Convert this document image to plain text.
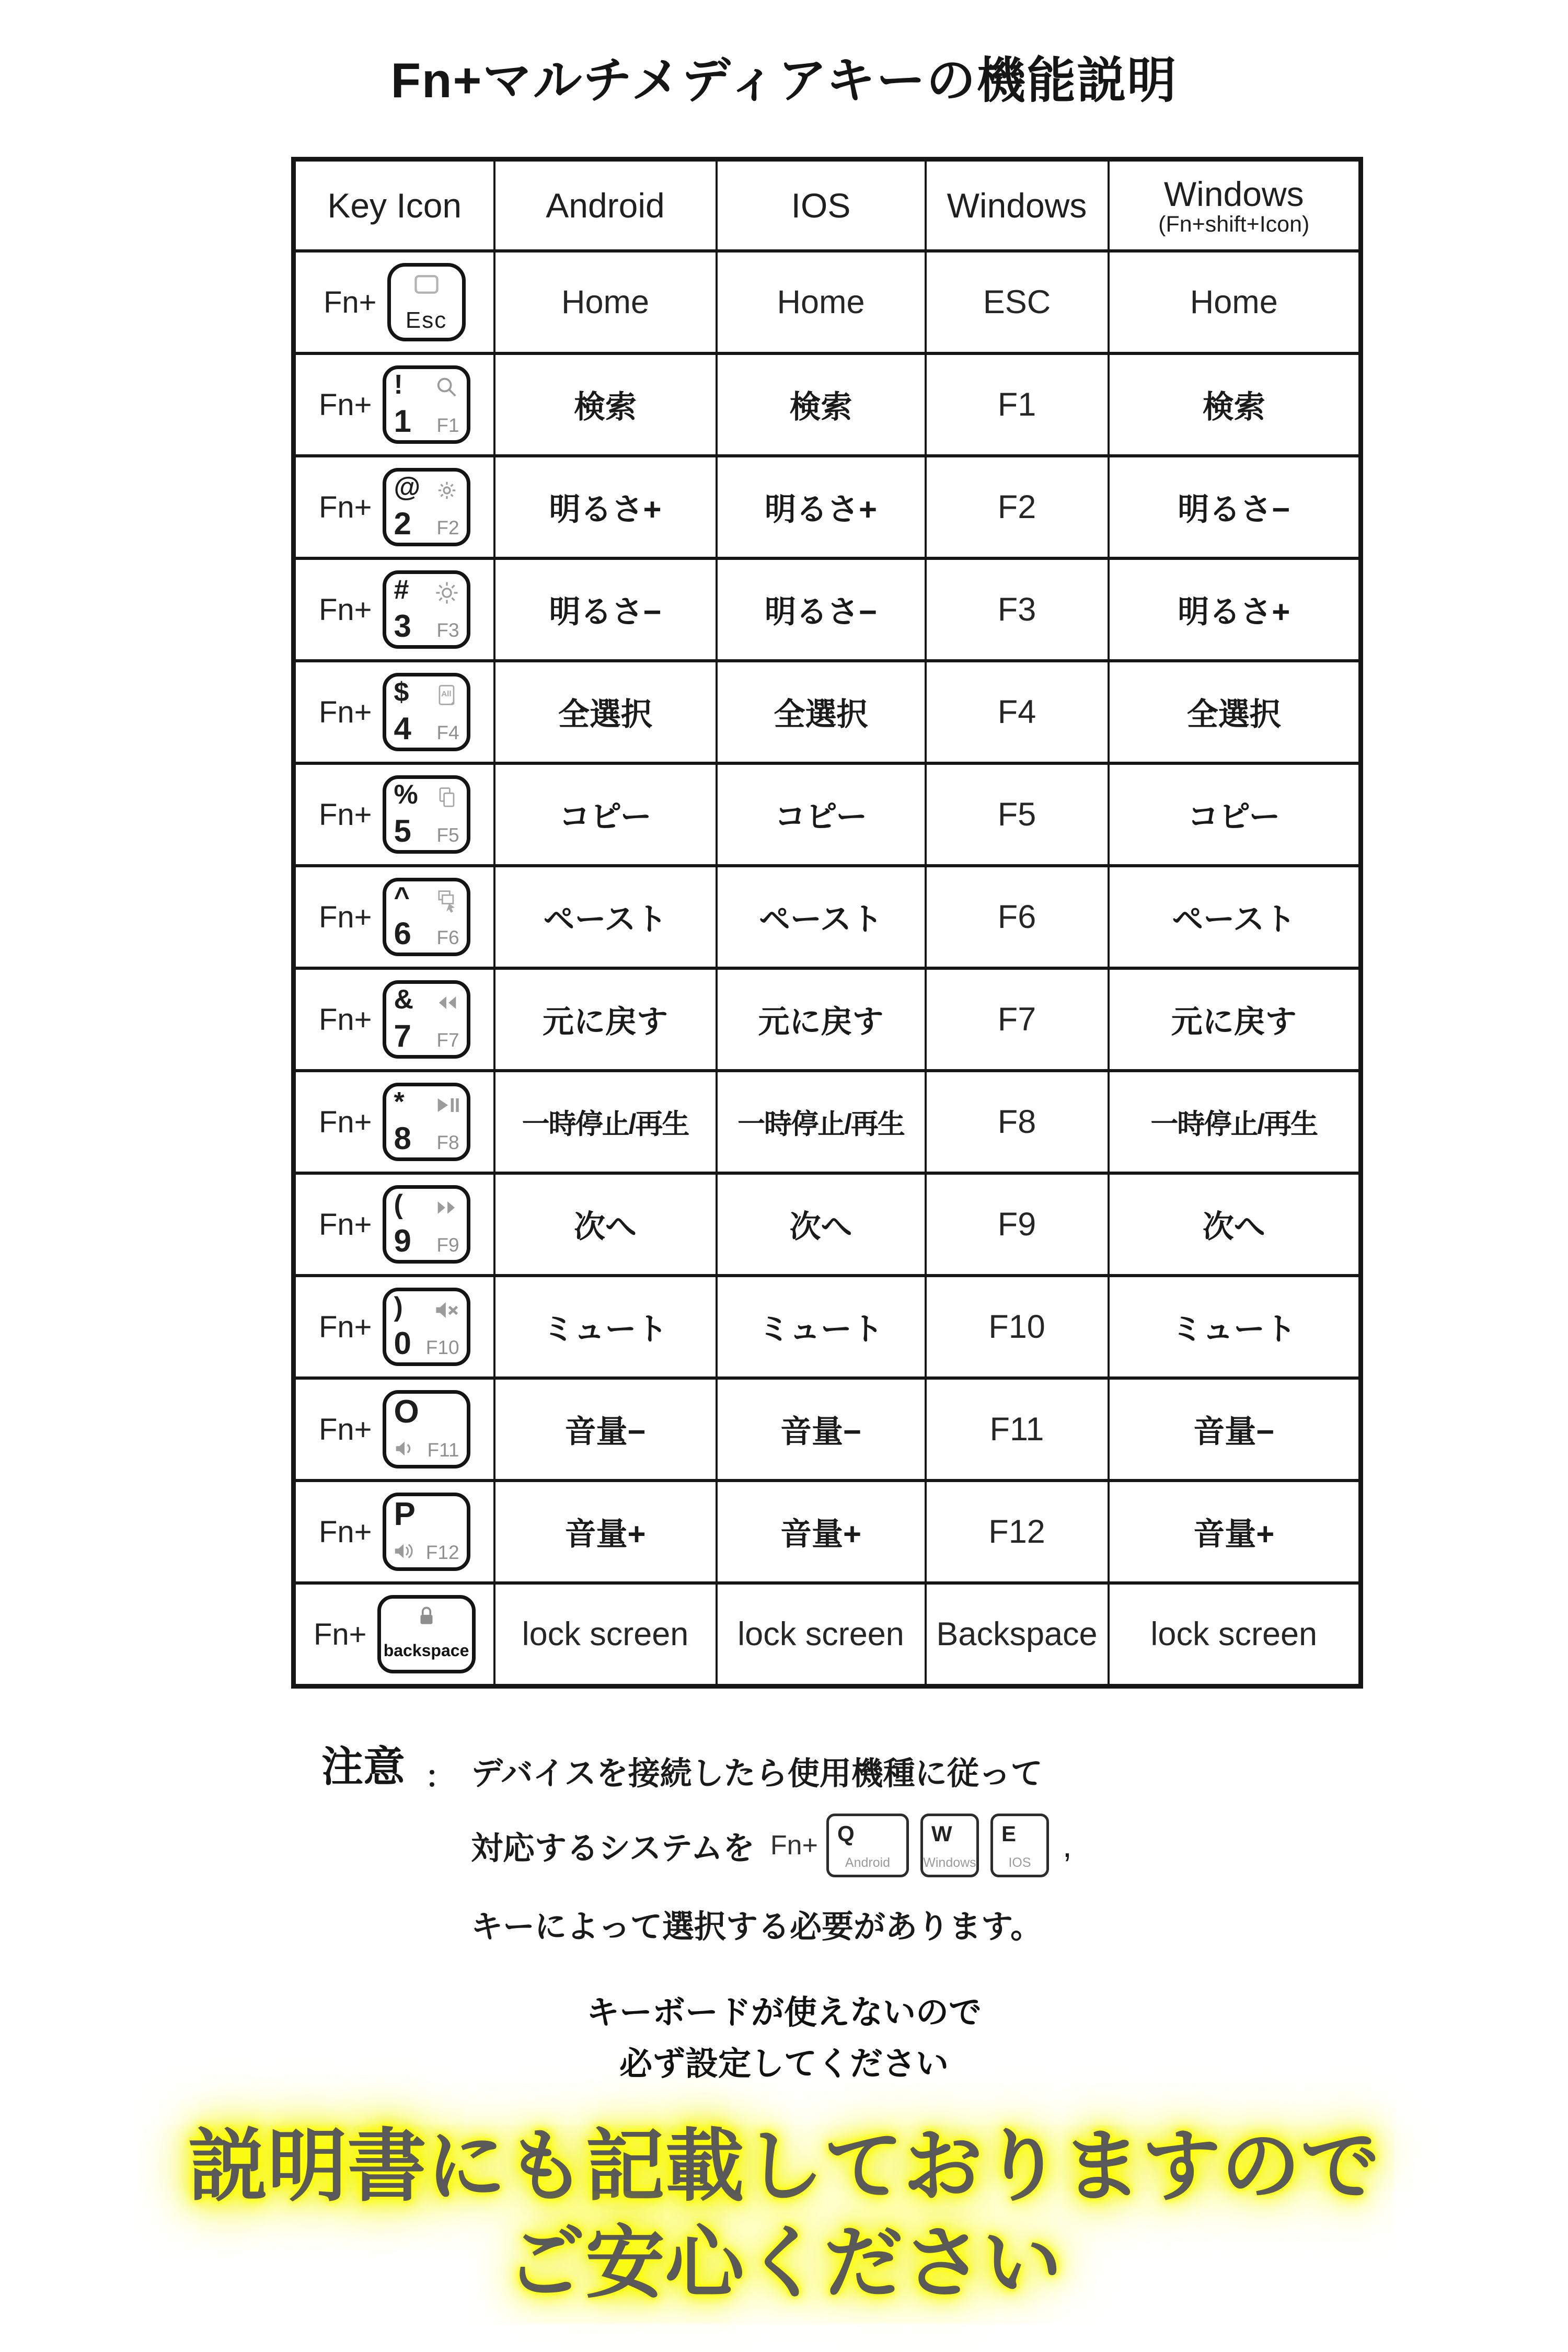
Fn+マルチメディアキーの機能説明
Key Icon	Android	IOS	Windows	Windows
(Fn+shift+Icon)

Fn+
Esc	Home	Home	ESC	Home

Fn+
!
1 F1	検索	検索	F1	検索

Fn+
@
2 F2	明るさ+	明るさ+	F2	明るさ−

Fn+
#
3 F3	明るさ−	明るさ−	F3	明るさ+

Fn+
$
4
All
F4	全選択	全選択	F4	全選択

Fn+
%
5 F5	コピー	コピー	F5	コピー

Fn+
^
6 F6	ペースト	ペースト	F6	ペースト

Fn+
&
7 F7	元に戻す	元に戻す	F7	元に戻す

Fn+
*
8 F8	一時停止/再生	一時停止/再生	F8	一時停止/再生

Fn+
(
9 F9	次へ	次へ	F9	次へ

Fn+
)
0 F10	ミュート	ミュート	F10	ミュート

Fn+ O
F11	音量−	音量−	F11	音量−

Fn+ P
F12	音量+	音量+	F12	音量+

Fn+ backspace	lock screen	lock screen	Backspace	lock screen
注意 ： デバイスを接続したら使用機種に従って
対応するシステムを Fn+ Q
Android
W
Windows
E
IOS ,
キーによって選択する必要があります。
キーボードが使えないので
必ず設定してください
説明書にも記載しておりますので
ご安心ください
